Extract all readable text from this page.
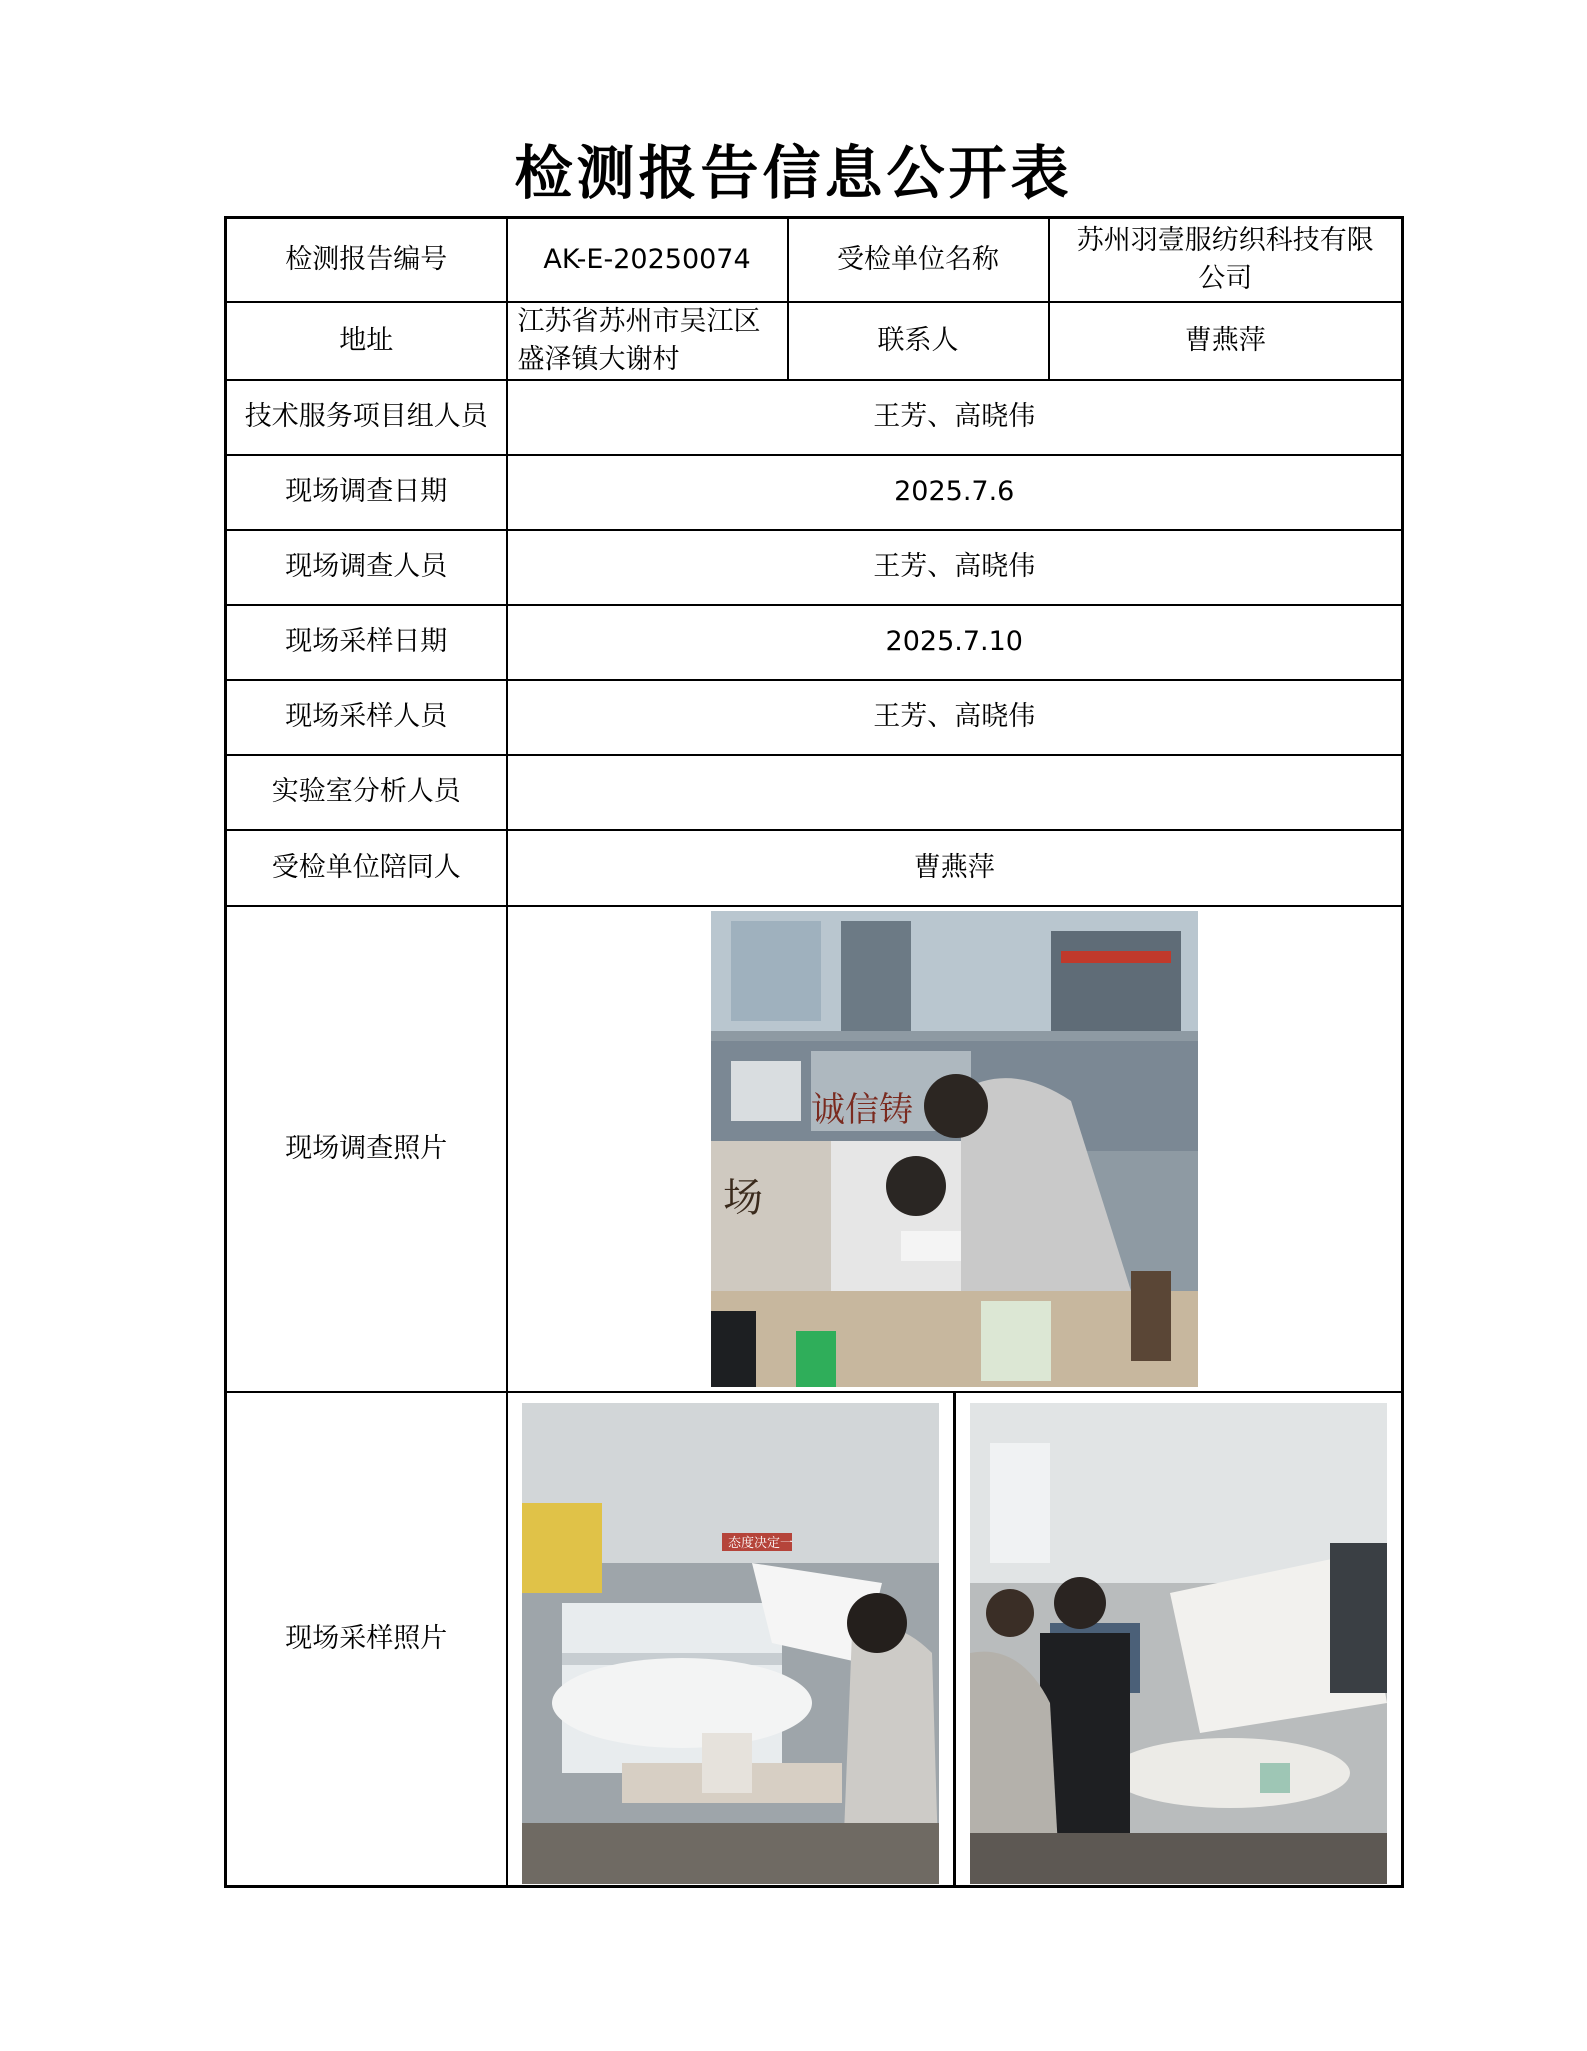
检测报告信息公开表
检测报告编号	AK-E-20250074	受检单位名称	苏州羽壹服纺织科技有限公司
地址	江苏省苏州市吴江区盛泽镇大谢村	联系人	曹燕萍
技术服务项目组人员	王芳、高晓伟		
现场调查日期	2025.7.6		
现场调查人员	王芳、高晓伟		
现场采样日期	2025.7.10		
现场采样人员	王芳、高晓伟		
实验室分析人员			
受检单位陪同人	曹燕萍		
现场调查照片	场
诚信铸		

现场采样照片	态度决定一		
